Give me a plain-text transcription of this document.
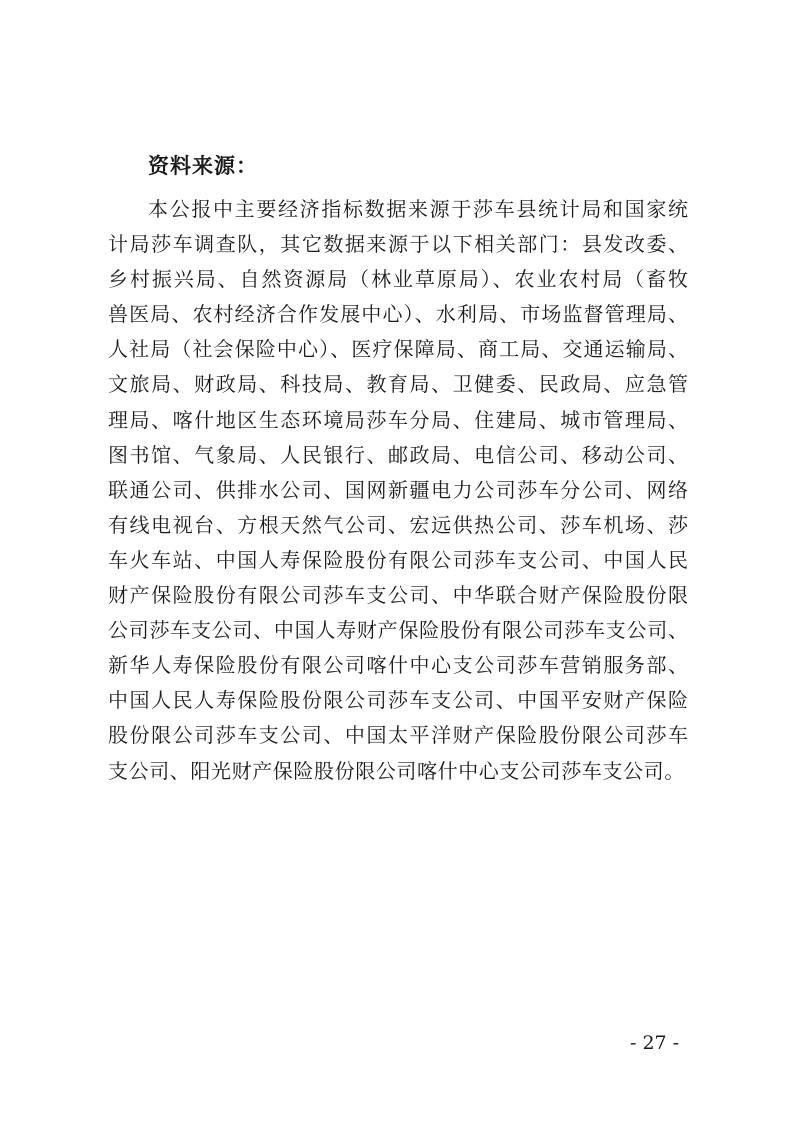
资料来源：
本公报中主要经济指标数据来源于莎车县统计局和国家统
计局莎车调查队，其它数据来源于以下相关部门：县发改委、
乡村振兴局、自然资源局（林业草原局）、农业农村局（畜牧
兽医局、农村经济合作发展中心）、水利局、市场监督管理局、
人社局（社会保险中心）、医疗保障局、商工局、交通运输局、
文旅局、财政局、科技局、教育局、卫健委、民政局、应急管
理局、喀什地区生态环境局莎车分局、住建局、城市管理局、
图书馆、气象局、人民银行、邮政局、电信公司、移动公司、
联通公司、供排水公司、国网新疆电力公司莎车分公司、网络
有线电视台、方根天然气公司、宏远供热公司、莎车机场、莎
车火车站、中国人寿保险股份有限公司莎车支公司、中国人民
财产保险股份有限公司莎车支公司、中华联合财产保险股份限
公司莎车支公司、中国人寿财产保险股份有限公司莎车支公司、
新华人寿保险股份有限公司喀什中心支公司莎车营销服务部、
中国人民人寿保险股份限公司莎车支公司、中国平安财产保险
股份限公司莎车支公司、中国太平洋财产保险股份限公司莎车
支公司、阳光财产保险股份限公司喀什中心支公司莎车支公司。
- 27 -
